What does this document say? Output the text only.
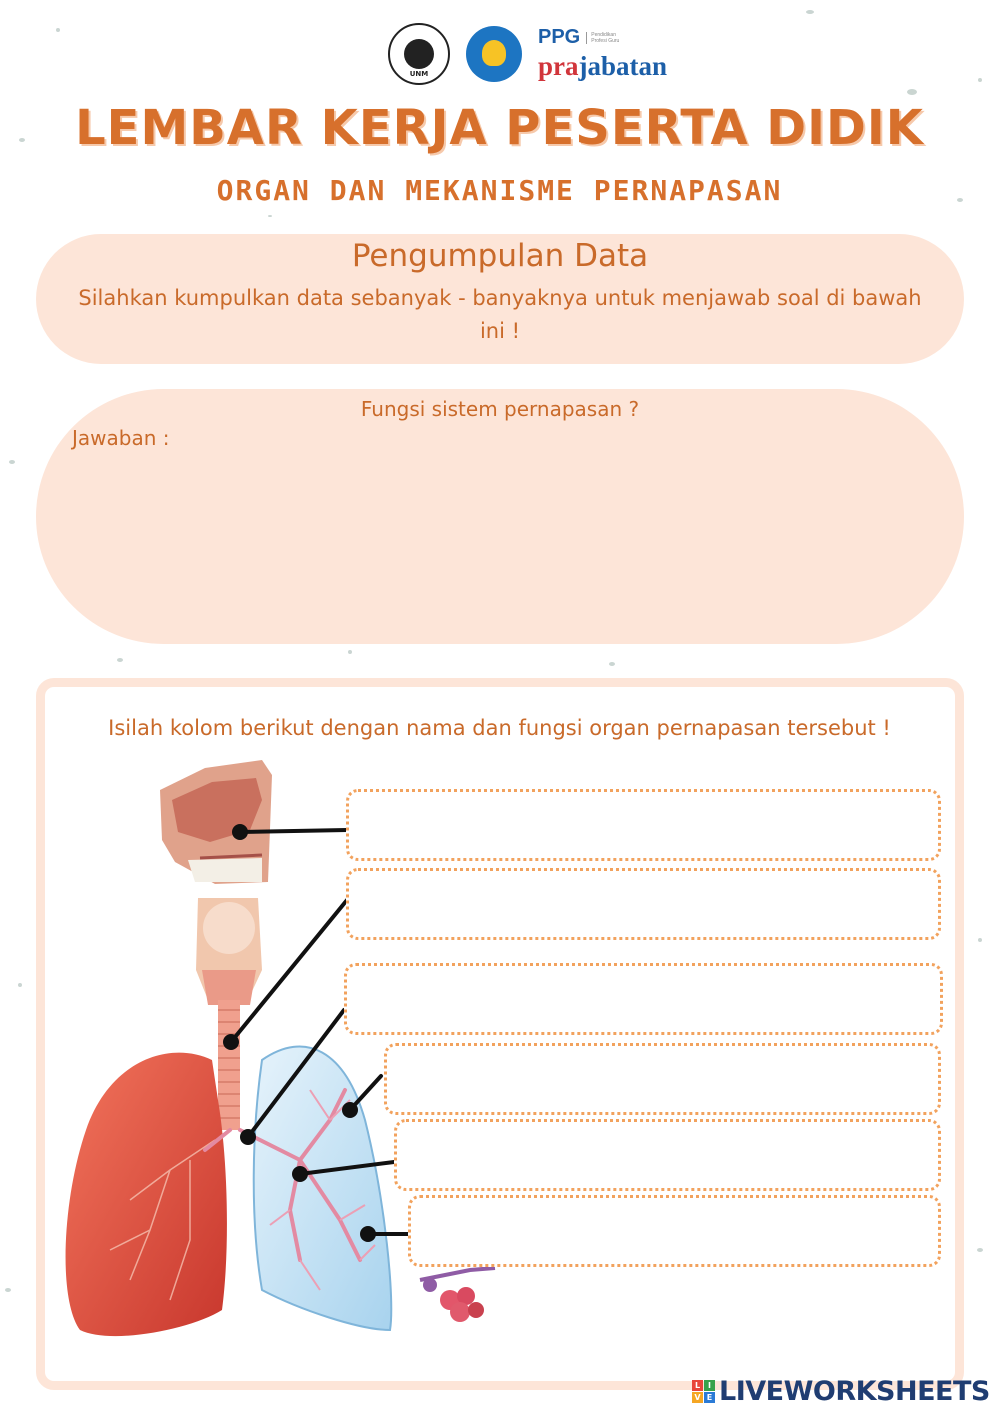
UNM
PPG	Pendidikan Profesi Guru
prajabatan
LEMBAR KERJA PESERTA DIDIK
ORGAN DAN MEKANISME PERNAPASAN
Pengumpulan Data
Silahkan kumpulkan data sebanyak - banyaknya untuk menjawab soal di bawah ini !
Fungsi sistem pernapasan ?
Jawaban :
Isilah kolom berikut dengan nama dan fungsi organ pernapasan tersebut !
L I
V E LIVEWORKSHEETS
